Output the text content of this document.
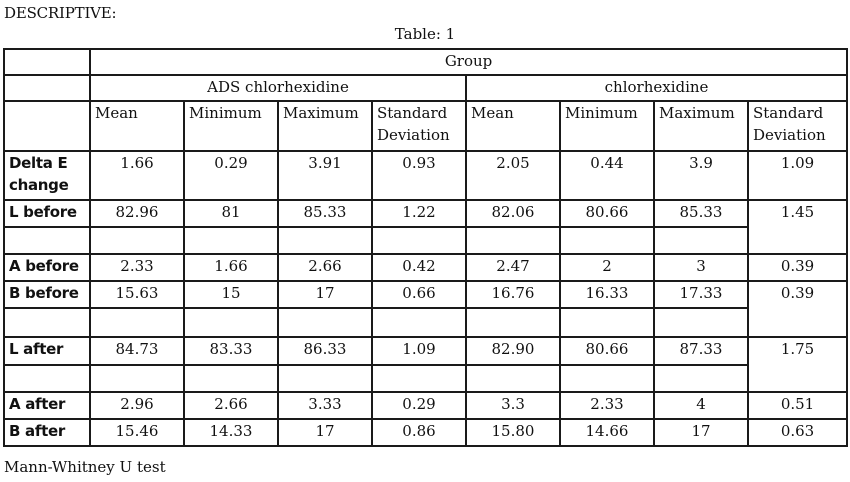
DESCRIPTIVE:
Table: 1
	Group							
	ADS chlorhexidine				chlorhexidine			
	Mean	Minimum	Maximum	Standard Deviation	Mean	Minimum	Maximum	Standard Deviation
Delta E change	1.66	0.29	3.91	0.93	2.05	0.44	3.9	1.09
L before	82.96	81	85.33	1.22	82.06	80.66	85.33	1.45

A before	2.33	1.66	2.66	0.42	2.47	2	3	0.39
B before	15.63	15	17	0.66	16.76	16.33	17.33	0.39

L after	84.73	83.33	86.33	1.09	82.90	80.66	87.33	1.75

A after	2.96	2.66	3.33	0.29	3.3	2.33	4	0.51
B after	15.46	14.33	17	0.86	15.80	14.66	17	0.63
Mann-Whitney U test
